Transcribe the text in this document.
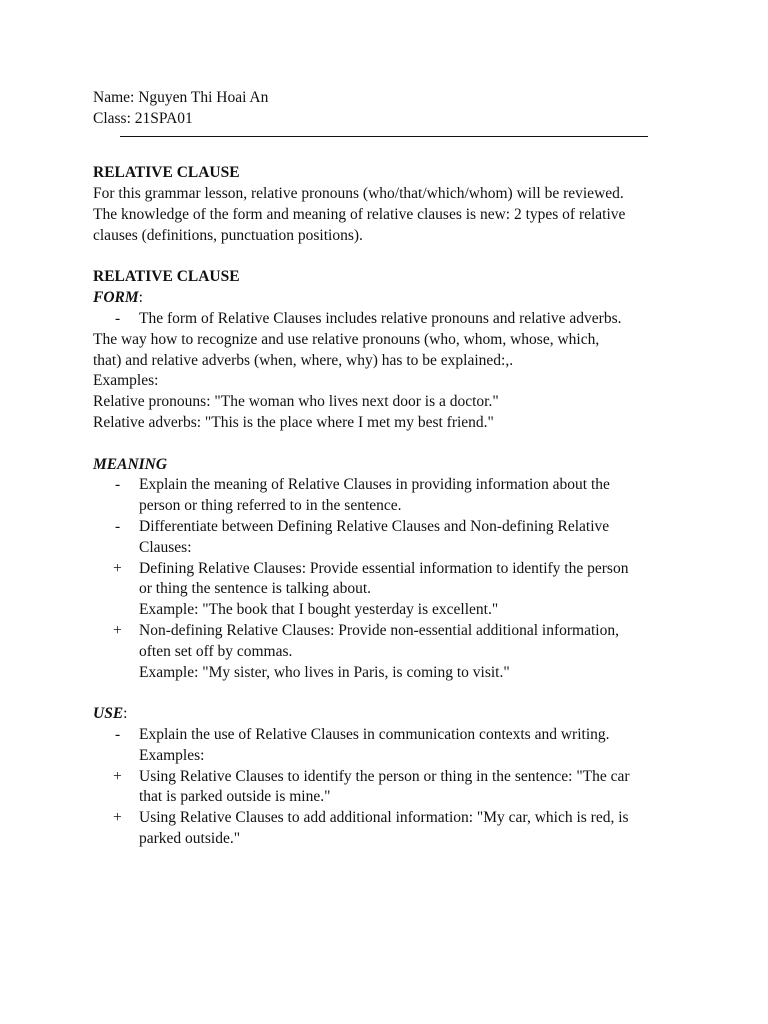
Name: Nguyen Thi Hoai An
Class: 21SPA01
RELATIVE CLAUSE
For this grammar lesson, relative pronouns (who/that/which/whom) will be reviewed.
The knowledge of the form and meaning of relative clauses is new: 2 types of relative
clauses (definitions, punctuation positions).
RELATIVE CLAUSE
FORM:
- The form of Relative Clauses includes relative pronouns and relative adverbs.
The way how to recognize and use relative pronouns (who, whom, whose, which,
that) and relative adverbs (when, where, why) has to be explained:,.
Examples:
Relative pronouns: "The woman who lives next door is a doctor."
Relative adverbs: "This is the place where I met my best friend."
MEANING
-	Explain the meaning of Relative Clauses in providing information about the
person or thing referred to in the sentence.
-	Differentiate between Defining Relative Clauses and Non-defining Relative
Clauses:
+	Defining Relative Clauses: Provide essential information to identify the person
or thing the sentence is talking about.
Example: "The book that I bought yesterday is excellent."
+	Non-defining Relative Clauses: Provide non-essential additional information,
often set off by commas.
Example: "My sister, who lives in Paris, is coming to visit."
USE:
-	Explain the use of Relative Clauses in communication contexts and writing.
Examples:
+	Using Relative Clauses to identify the person or thing in the sentence: "The car
that is parked outside is mine."
+	Using Relative Clauses to add additional information: "My car, which is red, is
parked outside."
